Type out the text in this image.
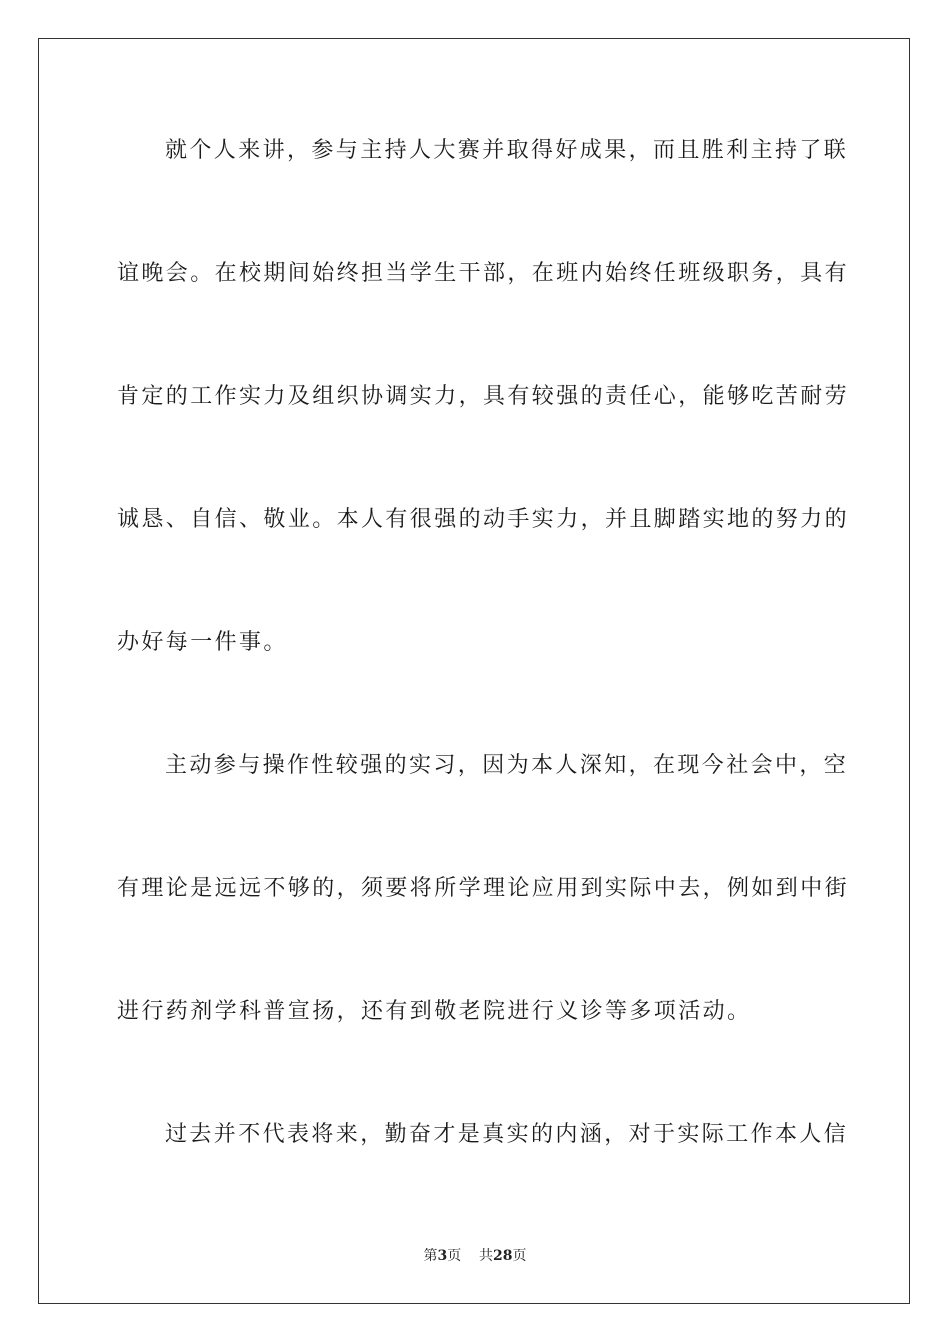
就个人来讲，参与主持人大赛并取得好成果，而且胜利主持了联
谊晚会。在校期间始终担当学生干部，在班内始终任班级职务，具有
肯定的工作实力及组织协调实力，具有较强的责任心，能够吃苦耐劳
诚恳、自信、敬业。本人有很强的动手实力，并且脚踏实地的努力的
办好每一件事。
主动参与操作性较强的实习，因为本人深知，在现今社会中，空
有理论是远远不够的，须要将所学理论应用到实际中去，例如到中街
进行药剂学科普宣扬，还有到敬老院进行义诊等多项活动。
过去并不代表将来，勤奋才是真实的内涵，对于实际工作本人信
第3页 共28页
